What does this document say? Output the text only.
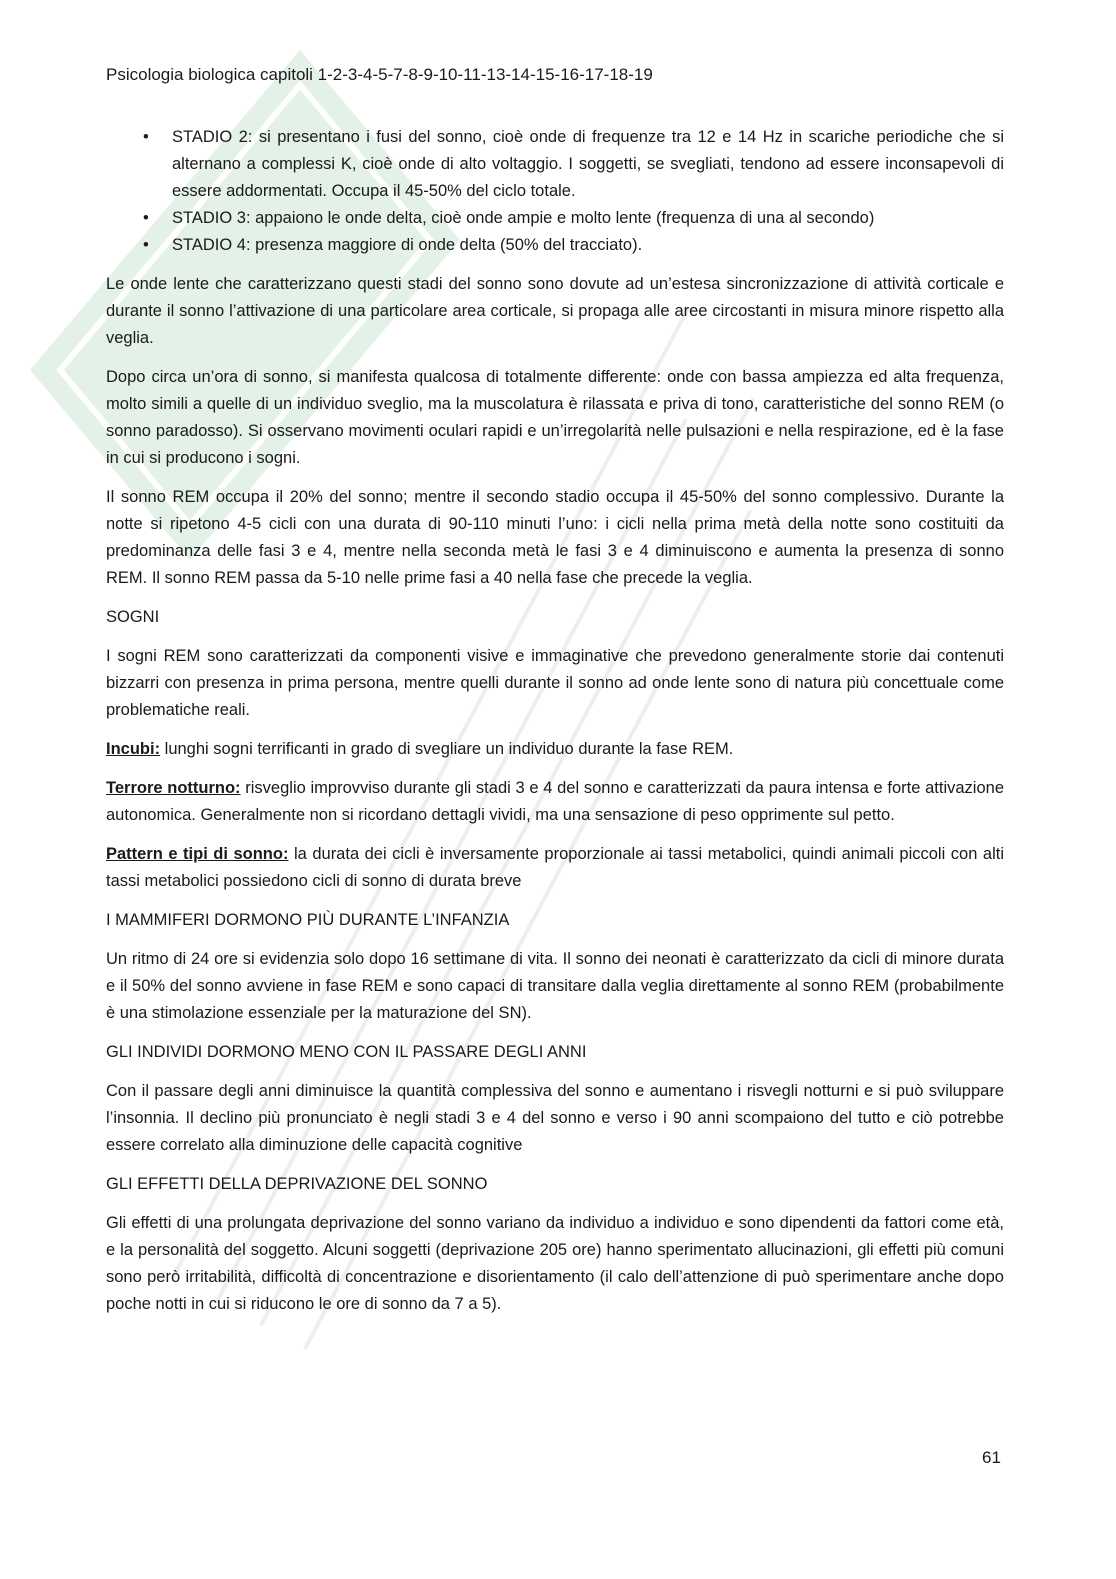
Psicologia biologica capitoli 1-2-3-4-5-7-8-9-10-11-13-14-15-16-17-18-19
• STADIO 2: si presentano i fusi del sonno, cioè onde di frequenze tra 12 e 14 Hz in scariche periodiche che si alternano a complessi K, cioè onde di alto voltaggio. I soggetti, se svegliati, tendono ad essere inconsapevoli di essere addormentati. Occupa il 45-50% del ciclo totale.
• STADIO 3: appaiono le onde delta, cioè onde ampie e molto lente (frequenza di una al secondo)
• STADIO 4: presenza maggiore di onde delta (50% del tracciato).

Le onde lente che caratterizzano questi stadi del sonno sono dovute ad un’estesa sincronizzazione di attività corticale e durante il sonno l’attivazione di una particolare area corticale, si propaga alle aree circostanti in misura minore rispetto alla veglia.

Dopo circa un’ora di sonno, si manifesta qualcosa di totalmente differente: onde con bassa ampiezza ed alta frequenza, molto simili a quelle di un individuo sveglio, ma la muscolatura è rilassata e priva di tono, caratteristiche del sonno REM (o sonno paradosso). Si osservano movimenti oculari rapidi e un’irregolarità nelle pulsazioni e nella respirazione, ed è la fase in cui si producono i sogni.

Il sonno REM occupa il 20% del sonno; mentre il secondo stadio occupa il 45-50% del sonno complessivo. Durante la notte si ripetono 4-5 cicli con una durata di 90-110 minuti l’uno: i cicli nella prima metà della notte sono costituiti da predominanza delle fasi 3 e 4, mentre nella seconda metà le fasi 3 e 4 diminuiscono e aumenta la presenza di sonno REM. Il sonno REM passa da 5-10 nelle prime fasi a 40 nella fase che precede la veglia.

SOGNI

I sogni REM sono caratterizzati da componenti visive e immaginative che prevedono generalmente storie dai contenuti bizzarri con presenza in prima persona, mentre quelli durante il sonno ad onde lente sono di natura più concettuale come problematiche reali.

Incubi: lunghi sogni terrificanti in grado di svegliare un individuo durante la fase REM.

Terrore notturno: risveglio improvviso durante gli stadi 3 e 4 del sonno e caratterizzati da paura intensa e forte attivazione autonomica. Generalmente non si ricordano dettagli vividi, ma una sensazione di peso opprimente sul petto.

Pattern e tipi di sonno: la durata dei cicli è inversamente proporzionale ai tassi metabolici, quindi animali piccoli con alti tassi metabolici possiedono cicli di sonno di durata breve

I MAMMIFERI DORMONO PIÙ DURANTE L’INFANZIA

Un ritmo di 24 ore si evidenzia solo dopo 16 settimane di vita. Il sonno dei neonati è caratterizzato da cicli di minore durata e il 50% del sonno avviene in fase REM e sono capaci di transitare dalla veglia direttamente al sonno REM (probabilmente è una stimolazione essenziale per la maturazione del SN).

GLI INDIVIDI DORMONO MENO CON IL PASSARE DEGLI ANNI

Con il passare degli anni diminuisce la quantità complessiva del sonno e aumentano i risvegli notturni e si può sviluppare l’insonnia. Il declino più pronunciato è negli stadi 3 e 4 del sonno e verso i 90 anni scompaiono del tutto e ciò potrebbe essere correlato alla diminuzione delle capacità cognitive

GLI EFFETTI DELLA DEPRIVAZIONE DEL SONNO

Gli effetti di una prolungata deprivazione del sonno variano da individuo a individuo e sono dipendenti da fattori come età, e la personalità del soggetto. Alcuni soggetti (deprivazione 205 ore) hanno sperimentato allucinazioni, gli effetti più comuni sono però irritabilità, difficoltà di concentrazione e disorientamento (il calo dell’attenzione di può sperimentare anche dopo poche notti in cui si riducono le ore di sonno da 7 a 5).

61
